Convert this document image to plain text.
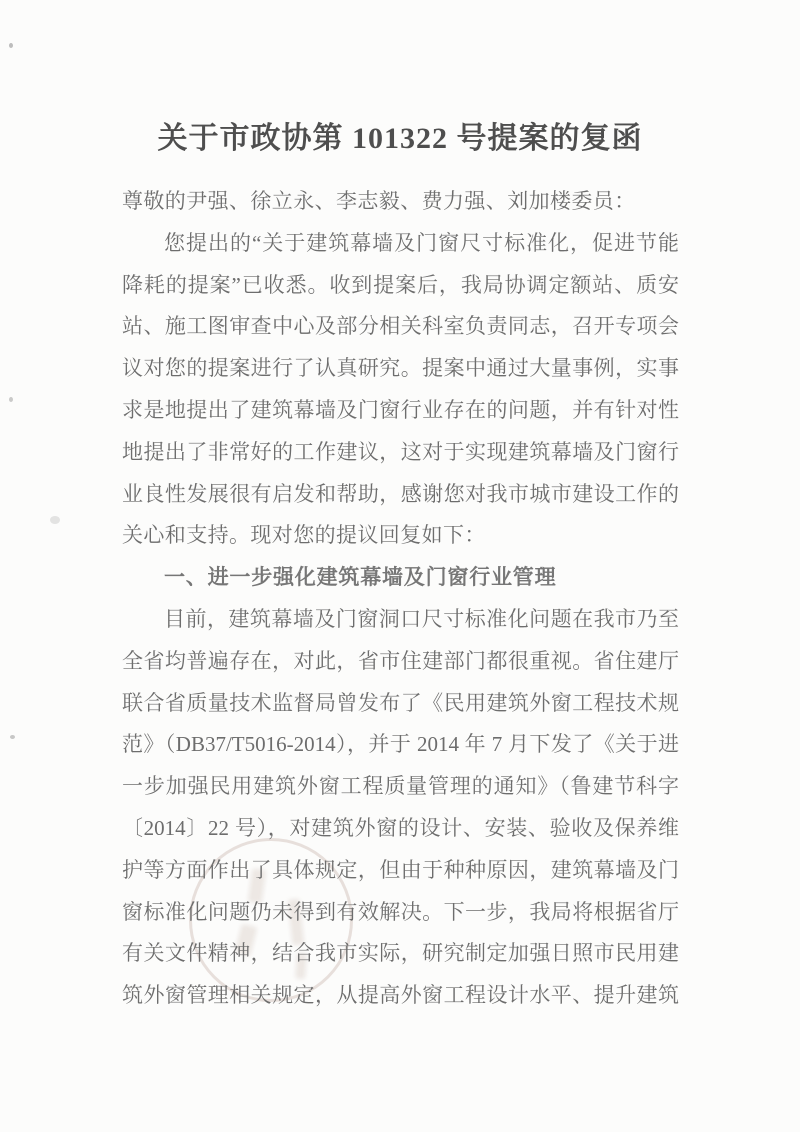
关于市政协第 101322 号提案的复函
尊敬的尹强、徐立永、李志毅、费力强、刘加楼委员：
您提出的“关于建筑幕墙及门窗尺寸标准化，促进节能
降耗的提案”已收悉。收到提案后，我局协调定额站、质安
站、施工图审查中心及部分相关科室负责同志，召开专项会
议对您的提案进行了认真研究。提案中通过大量事例，实事
求是地提出了建筑幕墙及门窗行业存在的问题，并有针对性
地提出了非常好的工作建议，这对于实现建筑幕墙及门窗行
业良性发展很有启发和帮助，感谢您对我市城市建设工作的
关心和支持。现对您的提议回复如下：
一、进一步强化建筑幕墙及门窗行业管理
目前，建筑幕墙及门窗洞口尺寸标准化问题在我市乃至
全省均普遍存在，对此，省市住建部门都很重视。省住建厅
联合省质量技术监督局曾发布了《民用建筑外窗工程技术规
范》（DB37/T5016-2014），并于 2014 年 7 月下发了《关于进
一步加强民用建筑外窗工程质量管理的通知》（鲁建节科字
〔2014〕22 号），对建筑外窗的设计、安装、验收及保养维
护等方面作出了具体规定，但由于种种原因，建筑幕墙及门
窗标准化问题仍未得到有效解决。下一步，我局将根据省厅
有关文件精神，结合我市实际，研究制定加强日照市民用建
筑外窗管理相关规定，从提高外窗工程设计水平、提升建筑
